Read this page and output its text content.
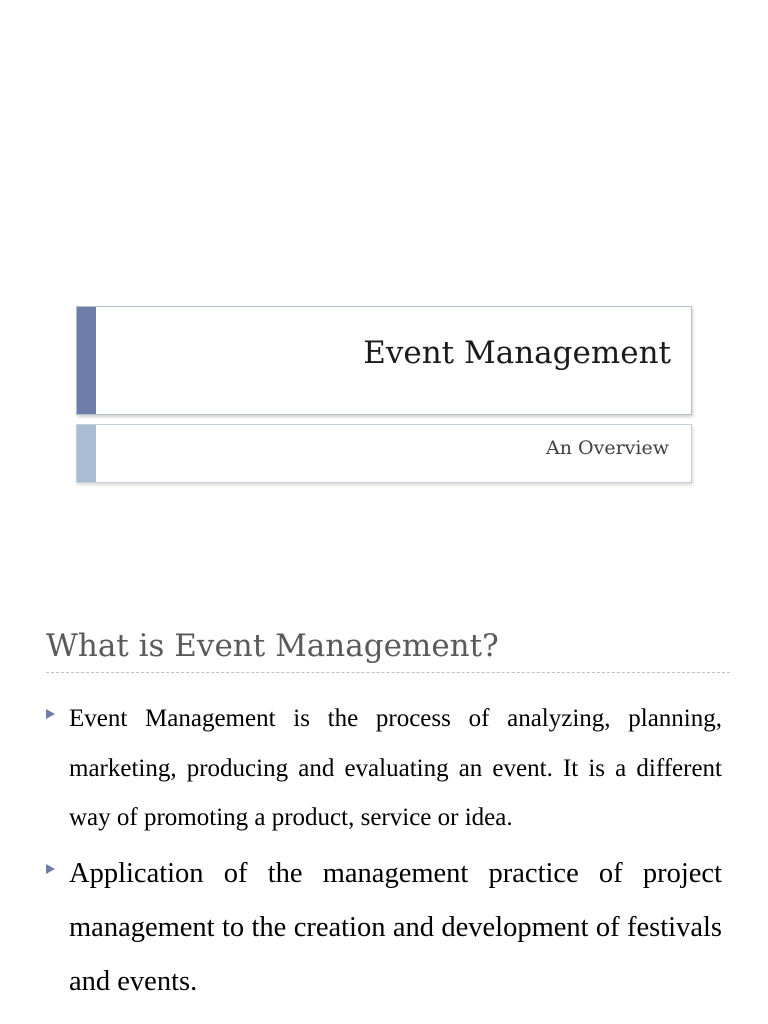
Event Management
An Overview
What is Event Management?
Event Management is the process of analyzing, planning, marketing, producing and evaluating an event. It is a different way of promoting a product, service or idea.
Application of the management practice of project management to the creation and development of festivals and events.
